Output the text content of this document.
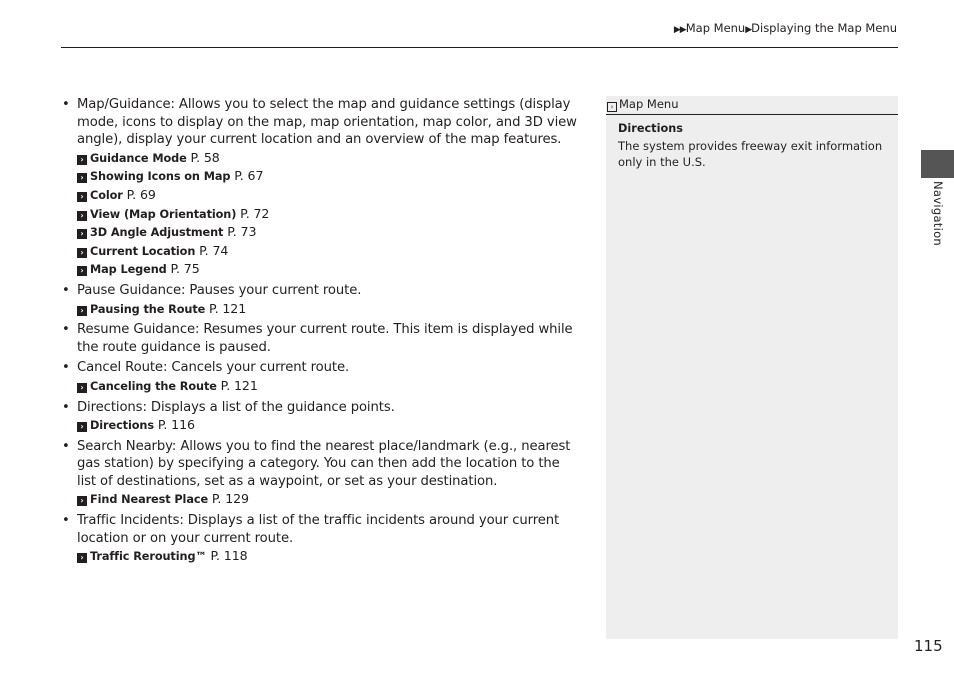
▶▶Map Menu▶Displaying the Map Menu
• Map/Guidance: Allows you to select the map and guidance settings (display mode, icons to display on the map, map orientation, map color, and 3D view angle), display your current location and an overview of the map features.
› Guidance Mode P. 58
› Showing Icons on Map P. 67
› Color P. 69
› View (Map Orientation) P. 72
› 3D Angle Adjustment P. 73
› Current Location P. 74
› Map Legend P. 75
• Pause Guidance: Pauses your current route.
› Pausing the Route P. 121
• Resume Guidance: Resumes your current route. This item is displayed while the route guidance is paused.
• Cancel Route: Cancels your current route.
› Canceling the Route P. 121
• Directions: Displays a list of the guidance points.
› Directions P. 116
• Search Nearby: Allows you to find the nearest place/landmark (e.g., nearest gas station) by specifying a category. You can then add the location to the list of destinations, set as a waypoint, or set as your destination.
› Find Nearest Place P. 129
• Traffic Incidents: Displays a list of the traffic incidents around your current location or on your current route.
› Traffic Rerouting™ P. 118
› Map Menu
Directions
The system provides freeway exit information only in the U.S.
Navigation
115
